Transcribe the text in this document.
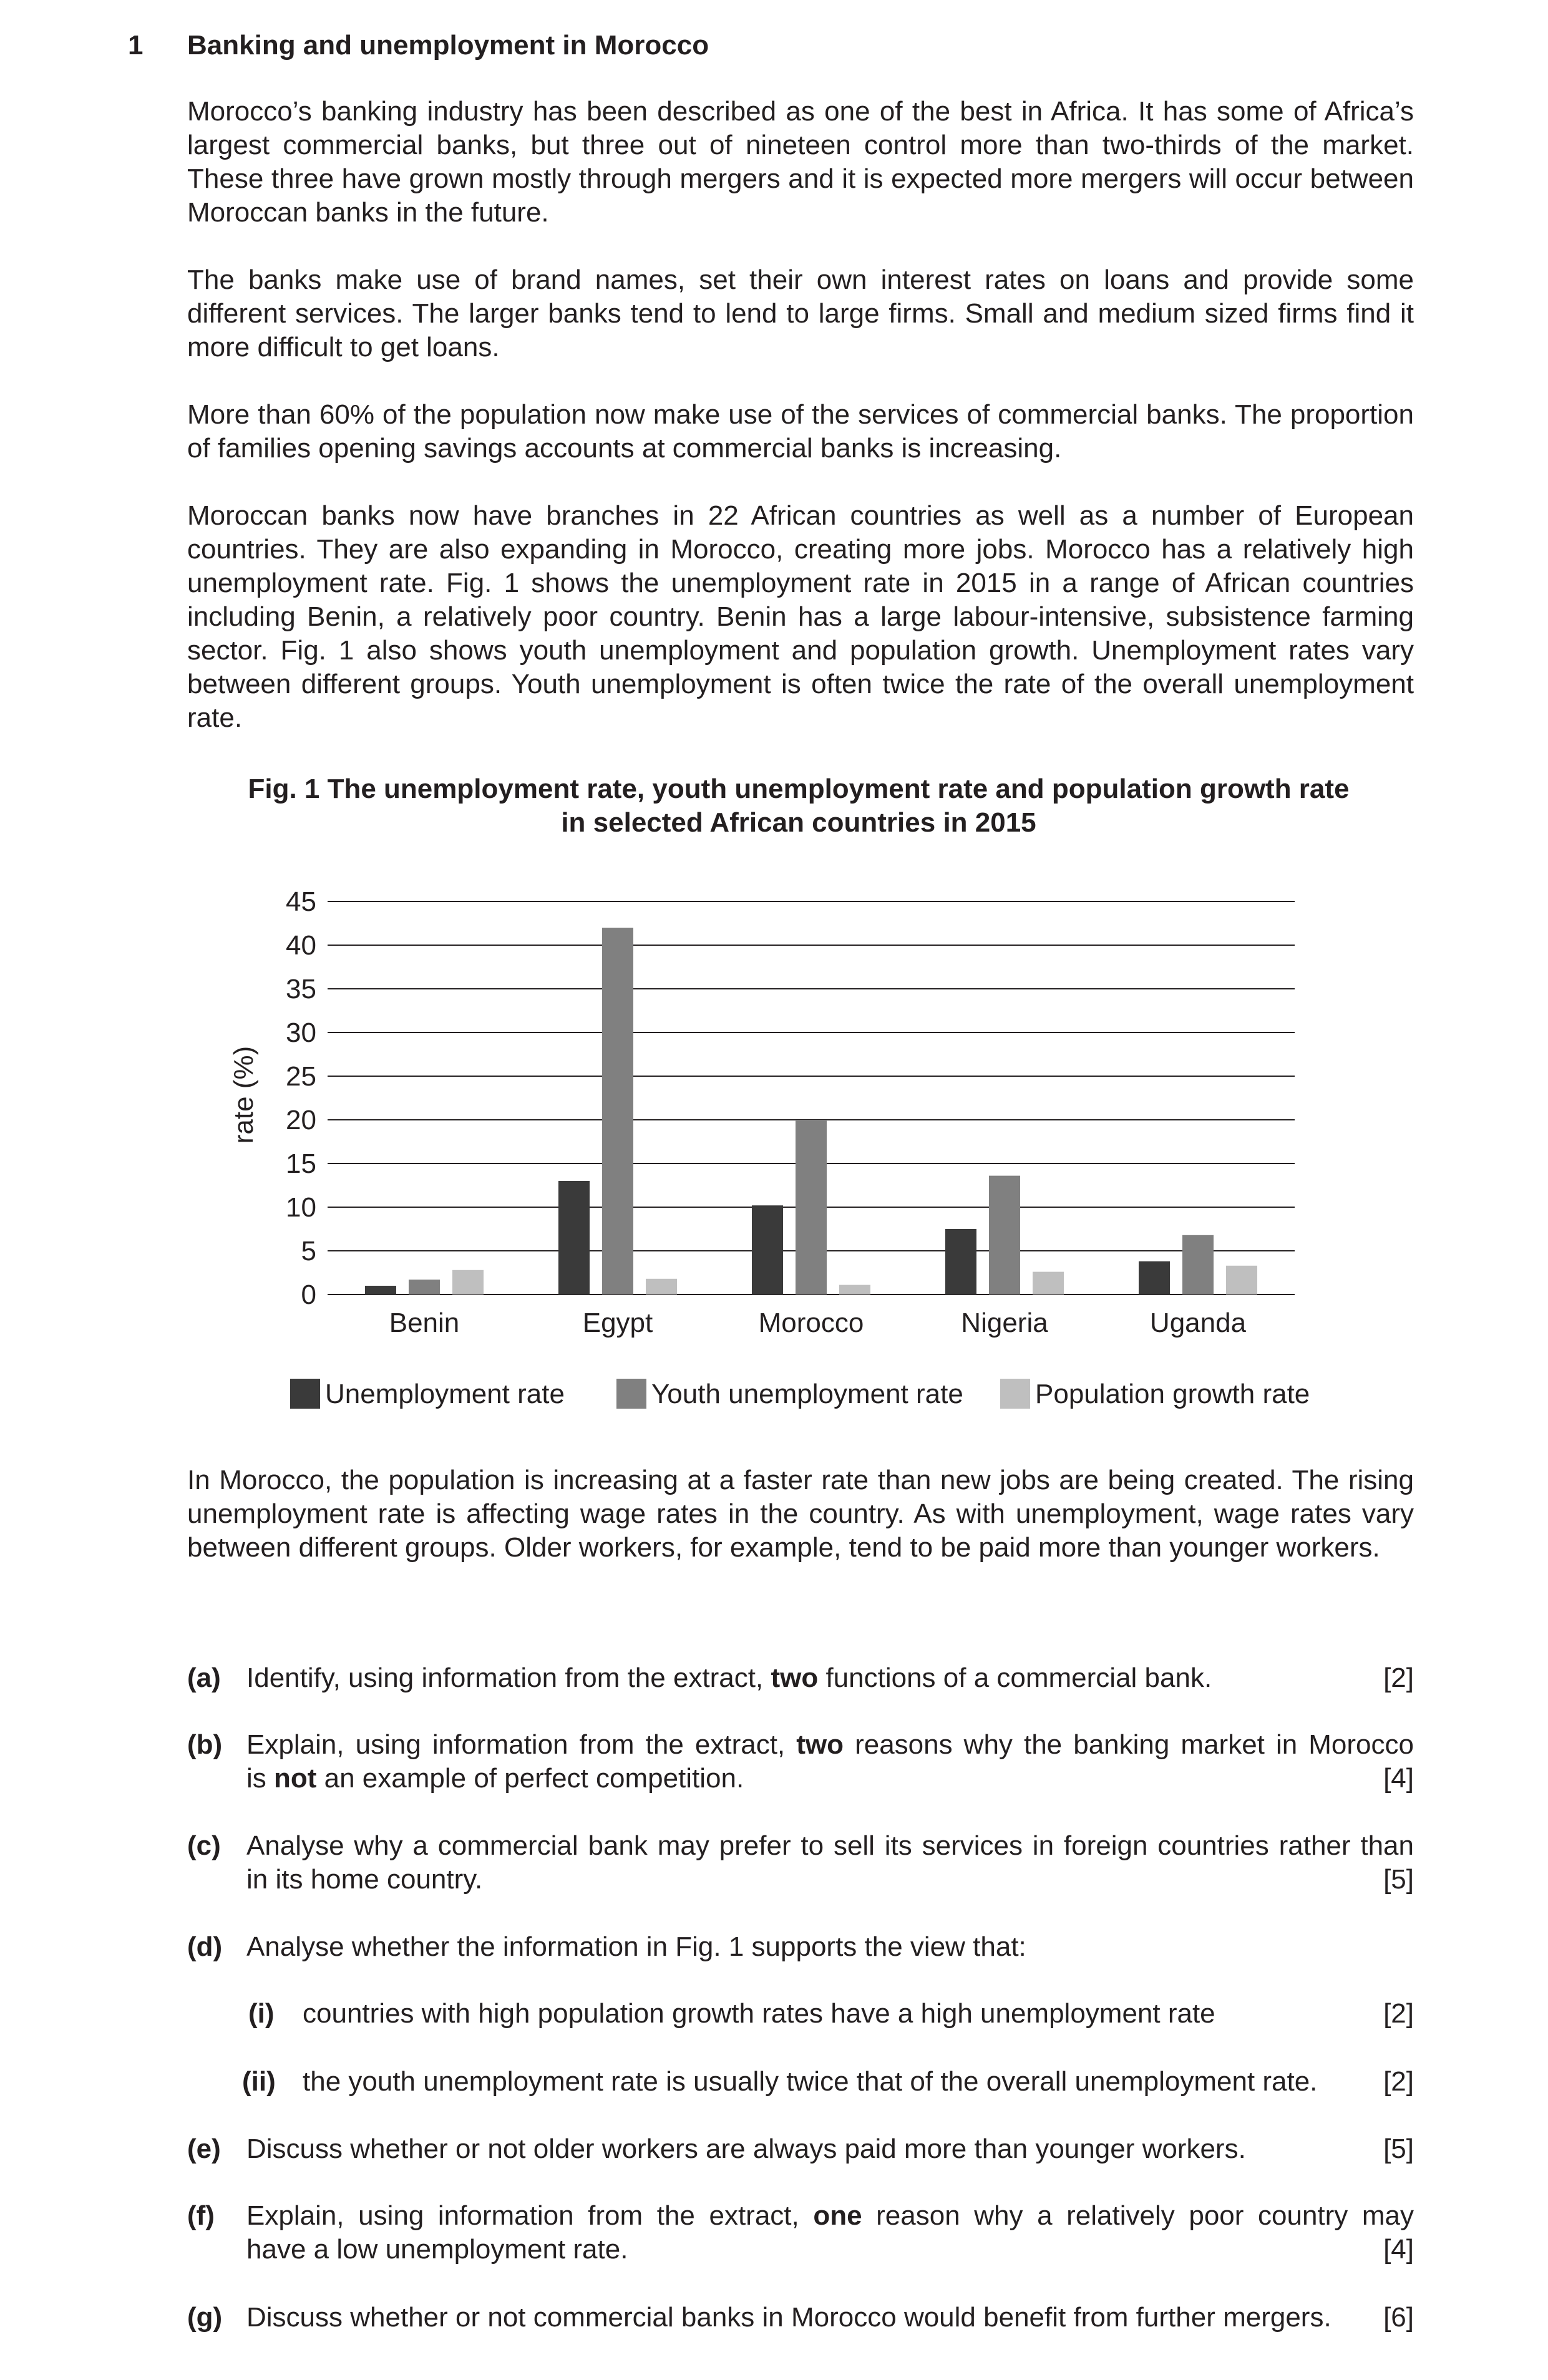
1 Banking and unemployment in Morocco
Morocco’s banking industry has been described as one of the best in Africa. It has some of Africa’s largest commercial banks, but three out of nineteen control more than two-thirds of the market. These three have grown mostly through mergers and it is expected more mergers will occur between Moroccan banks in the future.
The banks make use of brand names, set their own interest rates on loans and provide some different services. The larger banks tend to lend to large firms. Small and medium sized firms find it more difficult to get loans.
More than 60% of the population now make use of the services of commercial banks. The proportion of families opening savings accounts at commercial banks is increasing.
Moroccan banks now have branches in 22 African countries as well as a number of European countries. They are also expanding in Morocco, creating more jobs. Morocco has a relatively high unemployment rate. Fig. 1 shows the unemployment rate in 2015 in a range of African countries including Benin, a relatively poor country. Benin has a large labour-intensive, subsistence farming sector. Fig. 1 also shows youth unemployment and population growth. Unemployment rates vary between different groups. Youth unemployment is often twice the rate of the overall unemployment rate.
Fig. 1 The unemployment rate, youth unemployment rate and population growth rate
in selected African countries in 2015
0
5
10
15
20
25
30
35
40
45
Benin	Egypt	Morocco	Nigeria	Uganda
rate (%)
Unemployment rate	Youth unemployment rate	Population growth rate
In Morocco, the population is increasing at a faster rate than new jobs are being created. The rising unemployment rate is affecting wage rates in the country. As with unemployment, wage rates vary between different groups. Older workers, for example, tend to be paid more than younger workers.
(a) Identify, using information from the extract, two functions of a commercial bank.	[2]
(b) Explain, using information from the extract, two reasons why the banking market in Morocco
is not an example of perfect competition.	[4]
(c) Analyse why a commercial bank may prefer to sell its services in foreign countries rather than
in its home country.	[5]
(d) Analyse whether the information in Fig. 1 supports the view that:
(i) countries with high population growth rates have a high unemployment rate	[2]
(ii) the youth unemployment rate is usually twice that of the overall unemployment rate. [2]
(e) Discuss whether or not older workers are always paid more than younger workers.	[5]
(f) Explain, using information from the extract, one reason why a relatively poor country may
have a low unemployment rate.	[4]
(g) Discuss whether or not commercial banks in Morocco would benefit from further mergers. [6]
